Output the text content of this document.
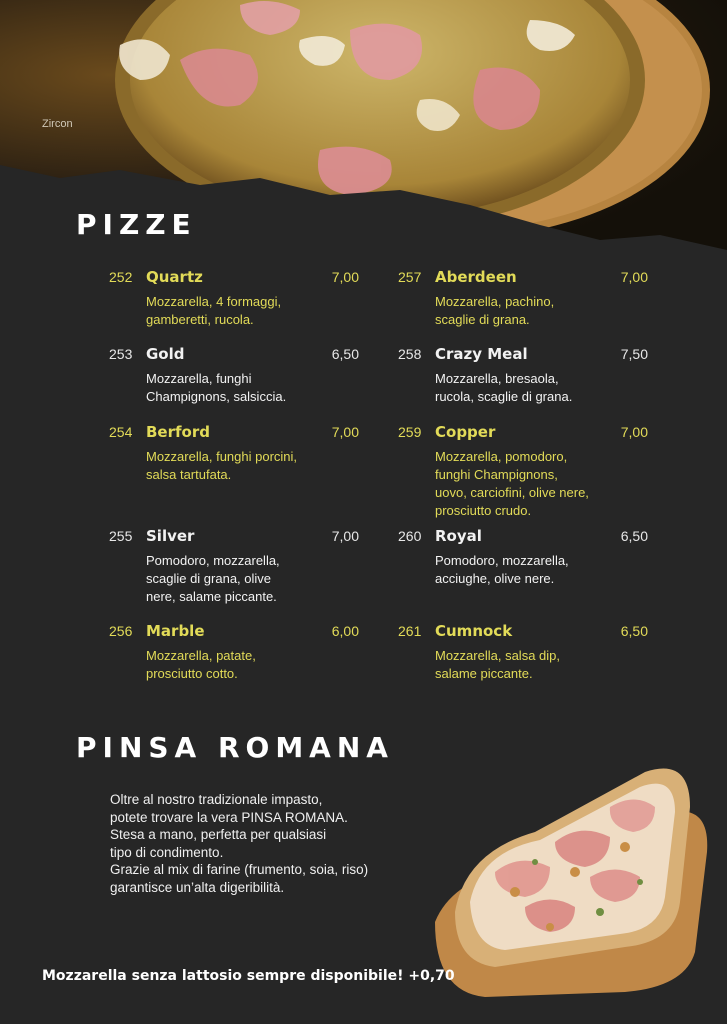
Zircon
PIZZE
252 Quartz	7,00
Mozzarella, 4 formaggi,
gamberetti, rucola.
253 Gold	6,50
Mozzarella, funghi
Champignons, salsiccia.
254 Berford	7,00
Mozzarella, funghi porcini,
salsa tartufata.
255 Silver	7,00
Pomodoro, mozzarella,
scaglie di grana, olive
nere, salame piccante.
256 Marble	6,00
Mozzarella, patate,
prosciutto cotto.
257 Aberdeen	7,00
Mozzarella, pachino,
scaglie di grana.
258 Crazy Meal	7,50
Mozzarella, bresaola,
rucola, scaglie di grana.
259 Copper	7,00
Mozzarella, pomodoro,
funghi Champignons,
uovo, carciofini, olive nere,
prosciutto crudo.
260 Royal	6,50
Pomodoro, mozzarella,
acciughe, olive nere.
261 Cumnock	6,50
Mozzarella, salsa dip,
salame piccante.
PINSA ROMANA
Oltre al nostro tradizionale impasto,
potete trovare la vera PINSA ROMANA.
Stesa a mano, perfetta per qualsiasi
tipo di condimento.
Grazie al mix di farine (frumento, soia, riso)
garantisce un’alta digeribilità.
Mozzarella senza lattosio sempre disponibile! +0,70
